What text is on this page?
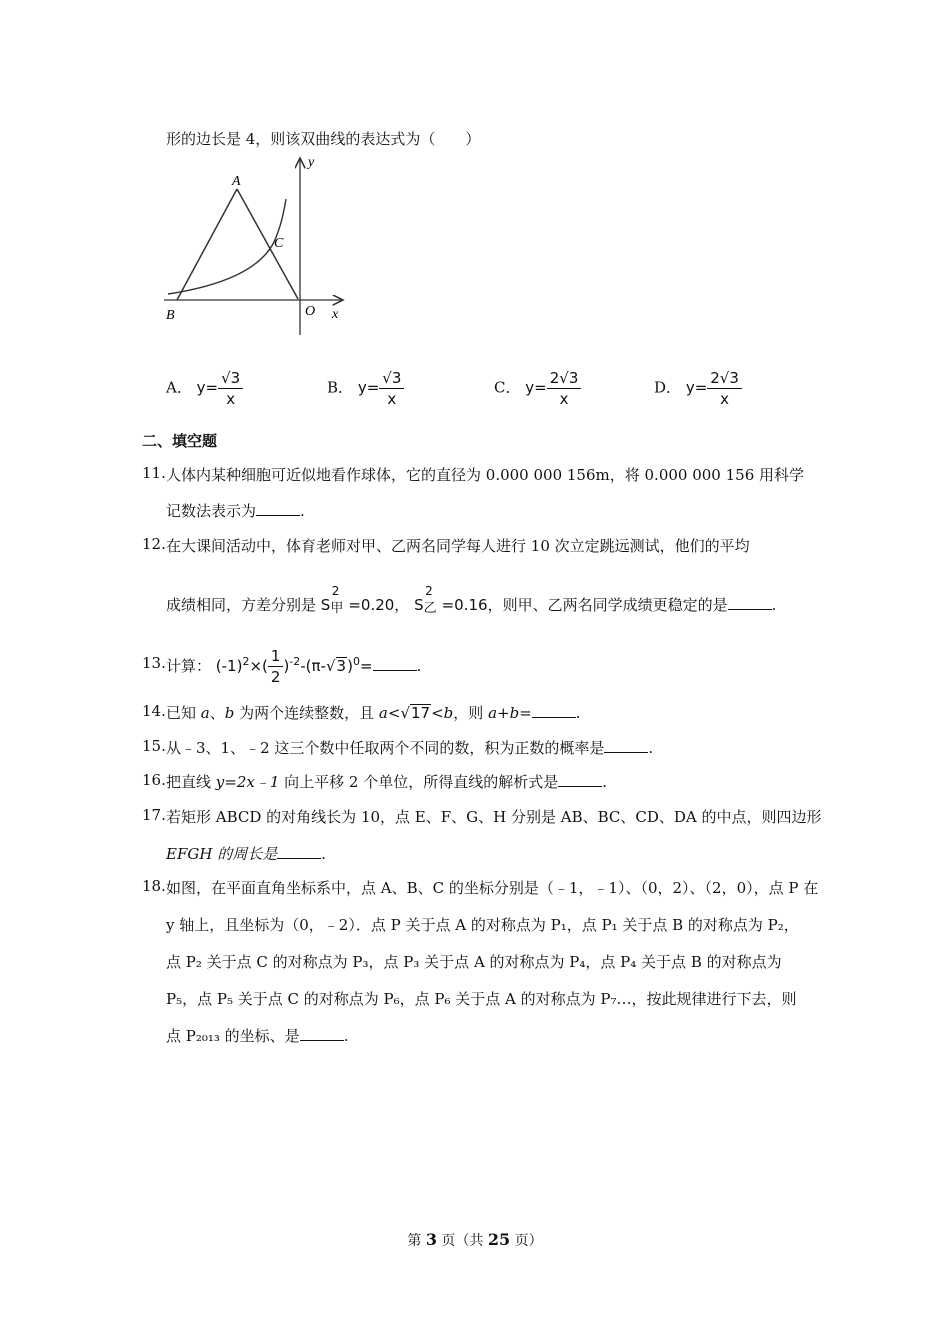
形的边长是 4，则该双曲线的表达式为（　　）
A
B
C
O x
y
A． $y= \frac{√3}{x}$	B． $y= \frac{√3}{x}$	C． $y= \frac{2√3}{x}$	D． $y= \frac{2√3}{x}$
二、填空题
11. 人体内某种细胞可近似地看作球体，它的直径为 0.000 000 156m，将 0.000 000 156 用科学
记数法表示为	.
12. 在大课间活动中，体育老师对甲、乙两名同学每人进行 10 次立定跳远测试，他们的平均
成绩相同，方差分别是 S
2
甲 =0.20， S
2
乙 =0.16，则甲、乙两名同学成绩更稳定的是	.
13. 计算： $(-1)^2\times( \frac{1}{2} )^{-2}-(\pi-√3)^0=$	.
14. 已知 a、b 为两个连续整数，且 a<√17<b，则 a+b=	.
15. 从﹣3、1、﹣2 这三个数中任取两个不同的数，积为正数的概率是	.
16. 把直线 y=2x﹣1 向上平移 2 个单位，所得直线的解析式是	.
17. 若矩形 ABCD 的对角线长为 10，点 E、F、G、H 分别是 AB、BC、CD、DA 的中点，则四边形
EFGH 的周长是	.
18. 如图，在平面直角坐标系中，点 A、B、C 的坐标分别是（﹣1，﹣1）、（0，2）、（2，0），点 P 在
y 轴上，且坐标为（0，﹣2）．点 P 关于点 A 的对称点为 P₁，点 P₁ 关于点 B 的对称点为 P₂，
点 P₂ 关于点 C 的对称点为 P₃，点 P₃ 关于点 A 的对称点为 P₄，点 P₄ 关于点 B 的对称点为
P₅，点 P₅ 关于点 C 的对称点为 P₆，点 P₆ 关于点 A 的对称点为 P₇…，按此规律进行下去，则
点 P₂₀₁₃ 的坐标、是	.
第 3 页（共 25 页）
